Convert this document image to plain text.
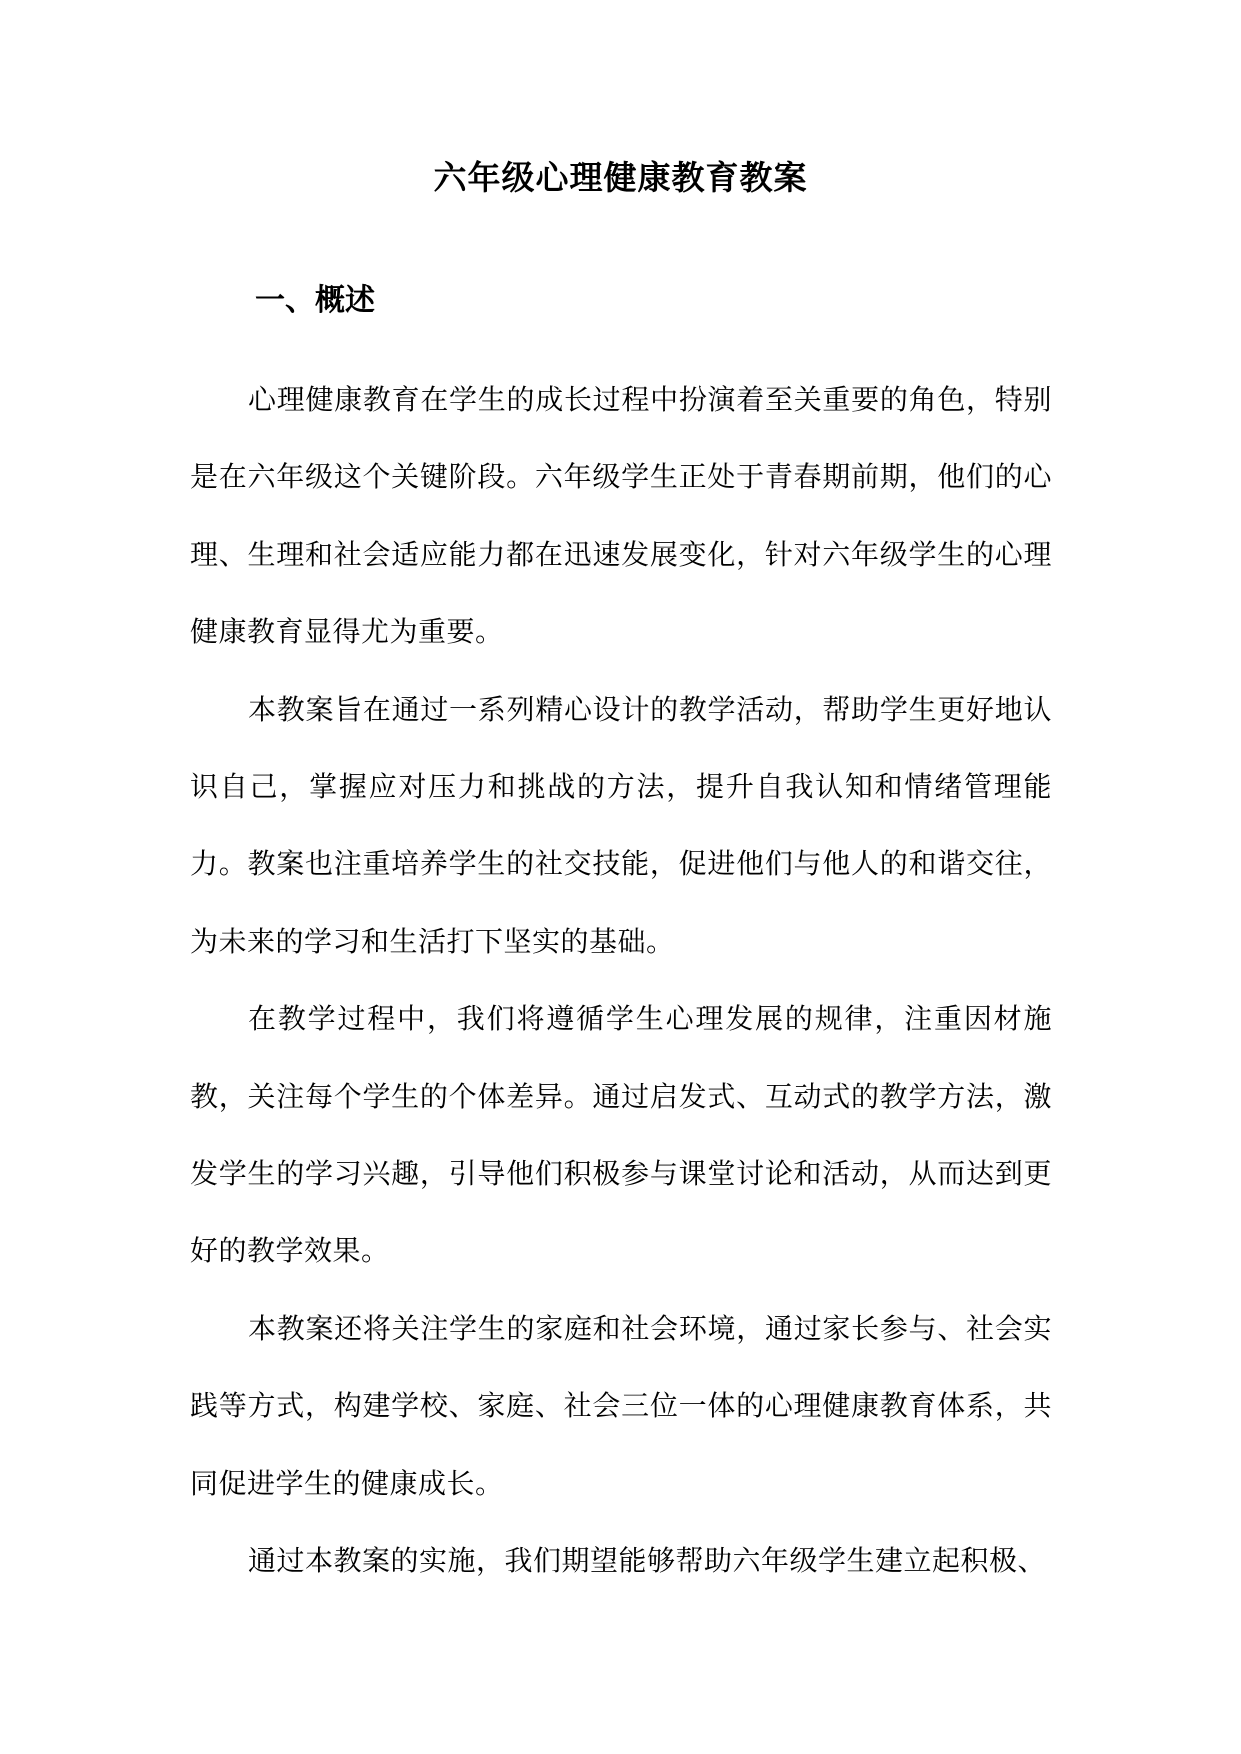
六年级心理健康教育教案
一、概述

心理健康教育在学生的成长过程中扮演着至关重要的角色，特别是在六年级这个关键阶段。六年级学生正处于青春期前期，他们的心理、生理和社会适应能力都在迅速发展变化，针对六年级学生的心理健康教育显得尤为重要。

本教案旨在通过一系列精心设计的教学活动，帮助学生更好地认识自己，掌握应对压力和挑战的方法，提升自我认知和情绪管理能力。教案也注重培养学生的社交技能，促进他们与他人的和谐交往，为未来的学习和生活打下坚实的基础。

在教学过程中，我们将遵循学生心理发展的规律，注重因材施教，关注每个学生的个体差异。通过启发式、互动式的教学方法，激发学生的学习兴趣，引导他们积极参与课堂讨论和活动，从而达到更好的教学效果。

本教案还将关注学生的家庭和社会环境，通过家长参与、社会实践等方式，构建学校、家庭、社会三位一体的心理健康教育体系，共同促进学生的健康成长。

通过本教案的实施，我们期望能够帮助六年级学生建立起积极、
